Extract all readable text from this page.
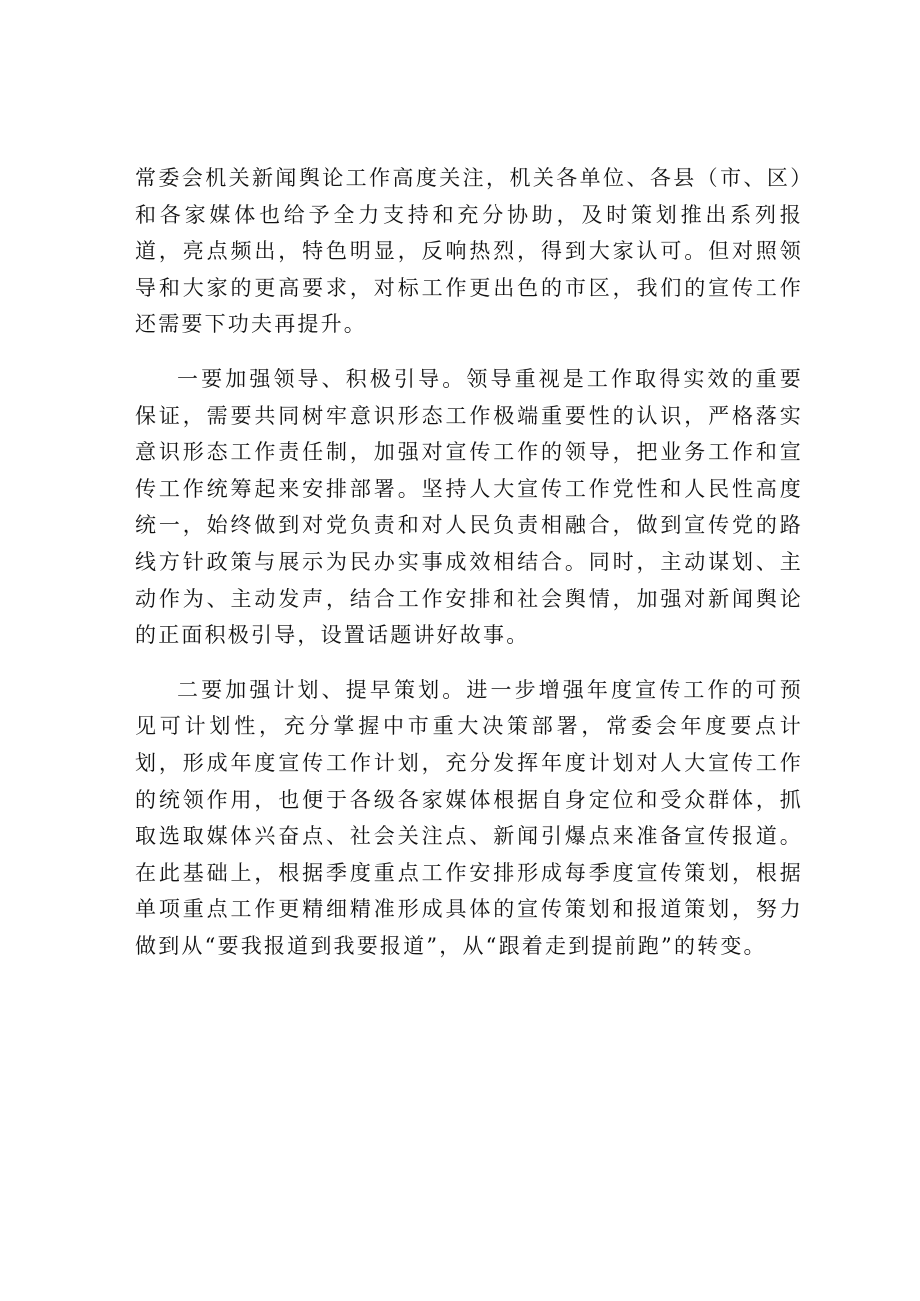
常委会机关新闻舆论工作高度关注，机关各单位、各县（市、区）和各家媒体也给予全力支持和充分协助，及时策划推出系列报道，亮点频出，特色明显，反响热烈，得到大家认可。但对照领导和大家的更高要求，对标工作更出色的市区，我们的宣传工作还需要下功夫再提升。

一要加强领导、积极引导。领导重视是工作取得实效的重要保证，需要共同树牢意识形态工作极端重要性的认识，严格落实意识形态工作责任制，加强对宣传工作的领导，把业务工作和宣传工作统筹起来安排部署。坚持人大宣传工作党性和人民性高度统一，始终做到对党负责和对人民负责相融合，做到宣传党的路线方针政策与展示为民办实事成效相结合。同时，主动谋划、主动作为、主动发声，结合工作安排和社会舆情，加强对新闻舆论的正面积极引导，设置话题讲好故事。

二要加强计划、提早策划。进一步增强年度宣传工作的可预见可计划性，充分掌握中市重大决策部署，常委会年度要点计划，形成年度宣传工作计划，充分发挥年度计划对人大宣传工作的统领作用，也便于各级各家媒体根据自身定位和受众群体，抓取选取媒体兴奋点、社会关注点、新闻引爆点来准备宣传报道。在此基础上，根据季度重点工作安排形成每季度宣传策划，根据单项重点工作更精细精准形成具体的宣传策划和报道策划，努力做到从“要我报道到我要报道”，从“跟着走到提前跑”的转变。
